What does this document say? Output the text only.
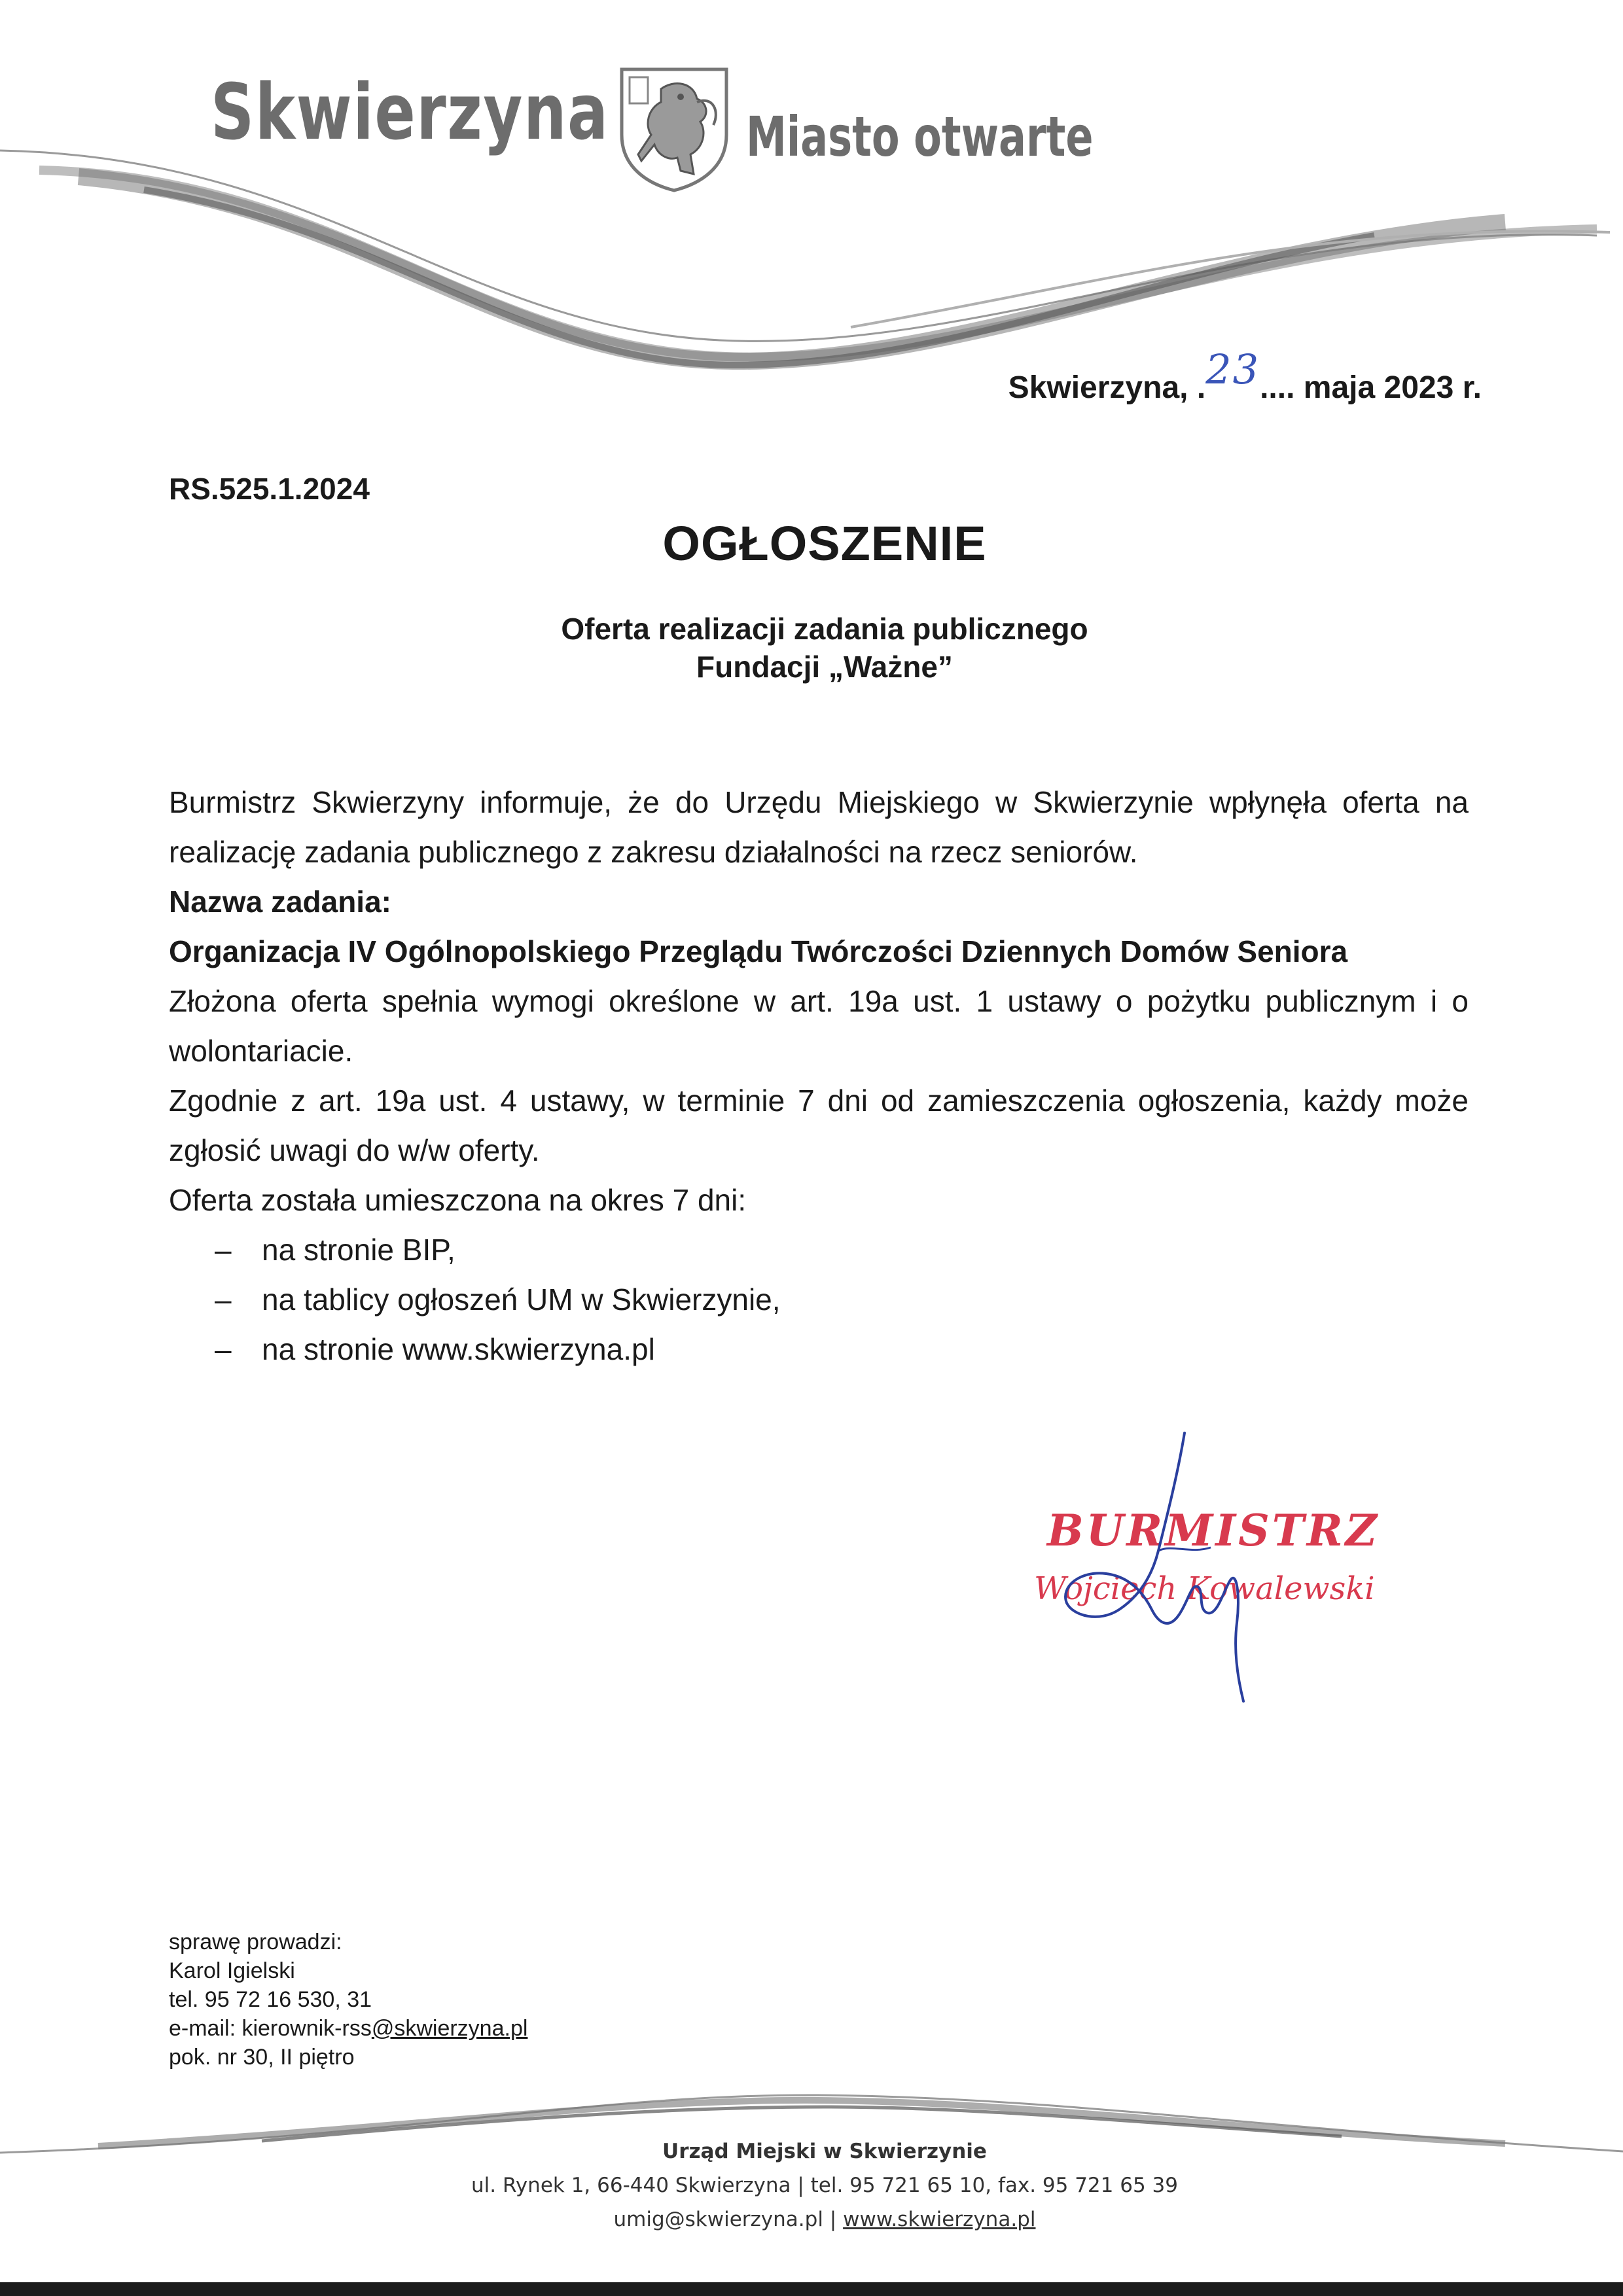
Skwierzyna Miasto otwarte
Skwierzyna, .23.... maja 2023 r.
RS.525.1.2024
OGŁOSZENIE
Oferta realizacji zadania publicznego
Fundacji „Ważne”

Burmistrz Skwierzyny informuje, że do Urzędu Miejskiego w Skwierzynie wpłynęła oferta na realizację zadania publicznego z zakresu działalności na rzecz seniorów.

Nazwa zadania:

Organizacja IV Ogólnopolskiego Przeglądu Twórczości Dziennych Domów Seniora

Złożona oferta spełnia wymogi określone w art. 19a ust. 1 ustawy o pożytku publicznym i o wolontariacie.

Zgodnie z art. 19a ust. 4 ustawy, w terminie 7 dni od zamieszczenia ogłoszenia, każdy może zgłosić uwagi do w/w oferty.

Oferta została umieszczona na okres 7 dni:

– na stronie BIP,
– na tablicy ogłoszeń UM w Skwierzynie,
– na stronie www.skwierzyna.pl
BURMISTRZ
Wojciech Kowalewski
sprawę prowadzi:
Karol Igielski
tel. 95 72 16 530, 31
e-mail: kierownik-rss@skwierzyna.pl
pok. nr 30, II piętro
Urząd Miejski w Skwierzynie
ul. Rynek 1, 66-440 Skwierzyna | tel. 95 721 65 10, fax. 95 721 65 39
umig@skwierzyna.pl | www.skwierzyna.pl
